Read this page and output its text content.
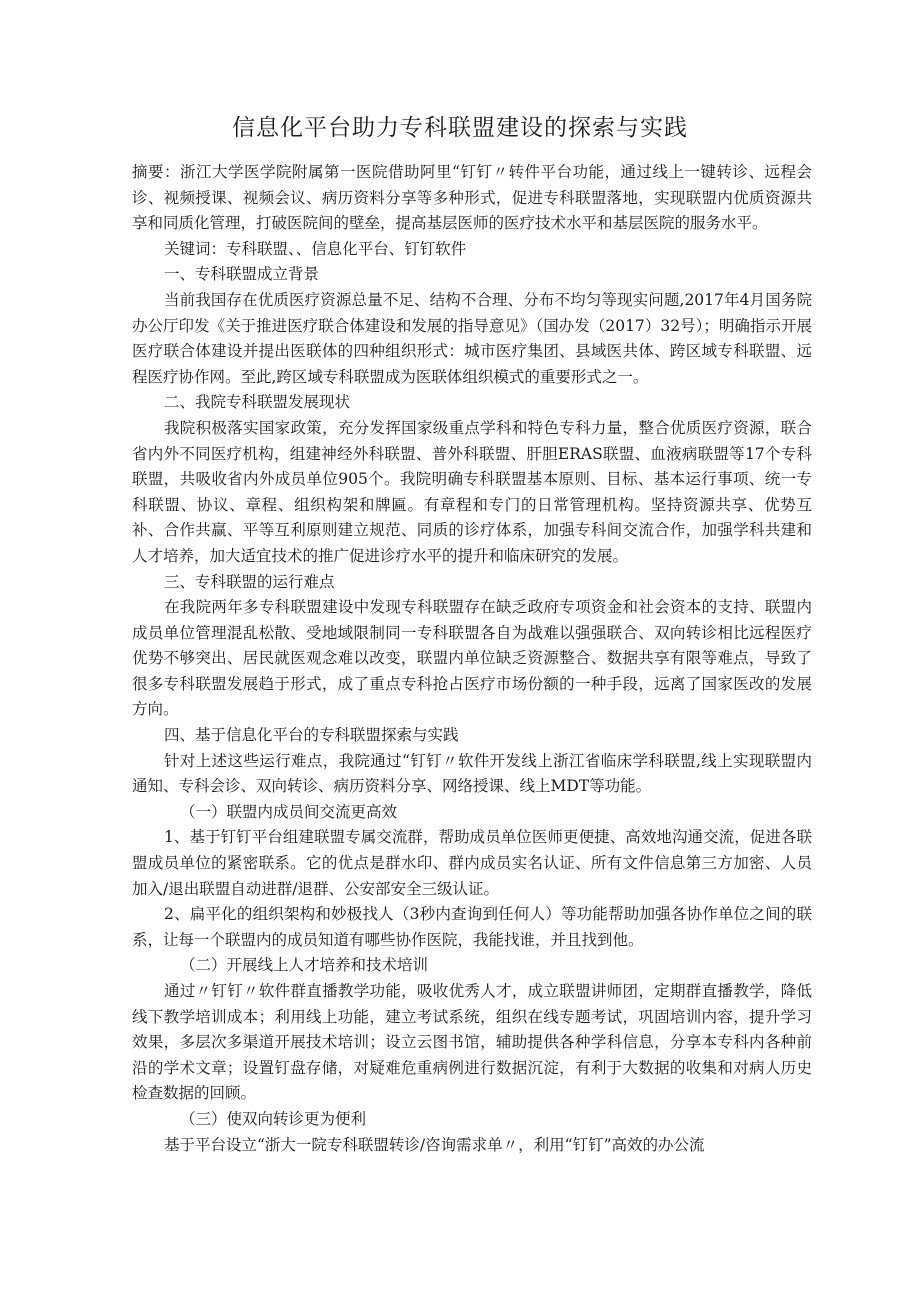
信息化平台助力专科联盟建设的探索与实践

摘要：浙江大学医学院附属第一医院借助阿里“钉钉〃转件平台功能，通过线上一键转诊、远程会诊、视频授课、视频会议、病历资料分享等多种形式，促进专科联盟落地，实现联盟内优质资源共享和同质化管理，打破医院间的壁垒，提高基层医师的医疗技术水平和基层医院的服务水平。

关键词：专科联盟、、信息化平台、钉钉软件

一、专科联盟成立背景

当前我国存在优质医疗资源总量不足、结构不合理、分布不均匀等现实问题,2017年4月国务院办公厅印发《关于推进医疗联合体建设和发展的指导意见》（国办发（2017）32号）；明确指示开展医疗联合体建设并提出医联体的四种组织形式：城市医疗集团、县域医共体、跨区域专科联盟、远程医疗协作网。至此,跨区域专科联盟成为医联体组织模式的重要形式之一。

二、我院专科联盟发展现状

我院积极落实国家政策，充分发挥国家级重点学科和特色专科力量，整合优质医疗资源，联合省内外不同医疗机构，组建神经外科联盟、普外科联盟、肝胆ERAS联盟、血液病联盟等17个专科联盟，共吸收省内外成员单位905个。我院明确专科联盟基本原则、目标、基本运行事项、统一专科联盟、协议、章程、组织构架和牌匾。有章程和专门的日常管理机构。坚持资源共享、优势互补、合作共赢、平等互利原则建立规范、同质的诊疗体系，加强专科间交流合作，加强学科共建和人才培养，加大适宜技术的推广促进诊疗水平的提升和临床研究的发展。

三、专科联盟的运行难点

在我院两年多专科联盟建设中发现专科联盟存在缺乏政府专项资金和社会资本的支持、联盟内成员单位管理混乱松散、受地域限制同一专科联盟各自为战难以强强联合、双向转诊相比远程医疗优势不够突出、居民就医观念难以改变，联盟内单位缺乏资源整合、数据共享有限等难点，导致了很多专科联盟发展趋于形式，成了重点专科抢占医疗市场份额的一种手段，远离了国家医改的发展方向。

四、基于信息化平台的专科联盟探索与实践

针对上述这些运行难点，我院通过“钉钉〃软件开发线上浙江省临床学科联盟,线上实现联盟内通知、专科会诊、双向转诊、病历资料分享、网络授课、线上MDT等功能。

（一）联盟内成员间交流更高效

1、基于钉钉平台组建联盟专属交流群，帮助成员单位医师更便捷、高效地沟通交流，促进各联盟成员单位的紧密联系。它的优点是群水印、群内成员实名认证、所有文件信息第三方加密、人员加入/退出联盟自动进群/退群、公安部安全三级认证。

2、扁平化的组织架构和妙极找人（3秒内查询到任何人）等功能帮助加强各协作单位之间的联系，让每一个联盟内的成员知道有哪些协作医院，我能找谁，并且找到他。

（二）开展线上人才培养和技术培训

通过〃钉钉〃软件群直播教学功能，吸收优秀人才，成立联盟讲师团，定期群直播教学，降低线下教学培训成本；利用线上功能，建立考试系统，组织在线专题考试，巩固培训内容，提升学习效果，多层次多渠道开展技术培训；设立云图书馆，辅助提供各种学科信息，分享本专科内各种前沿的学术文章；设置钉盘存储，对疑难危重病例进行数据沉淀，有利于大数据的收集和对病人历史检查数据的回顾。

（三）使双向转诊更为便利

基于平台设立“浙大一院专科联盟转诊/咨询需求单〃，利用“钉钉”高效的办公流
